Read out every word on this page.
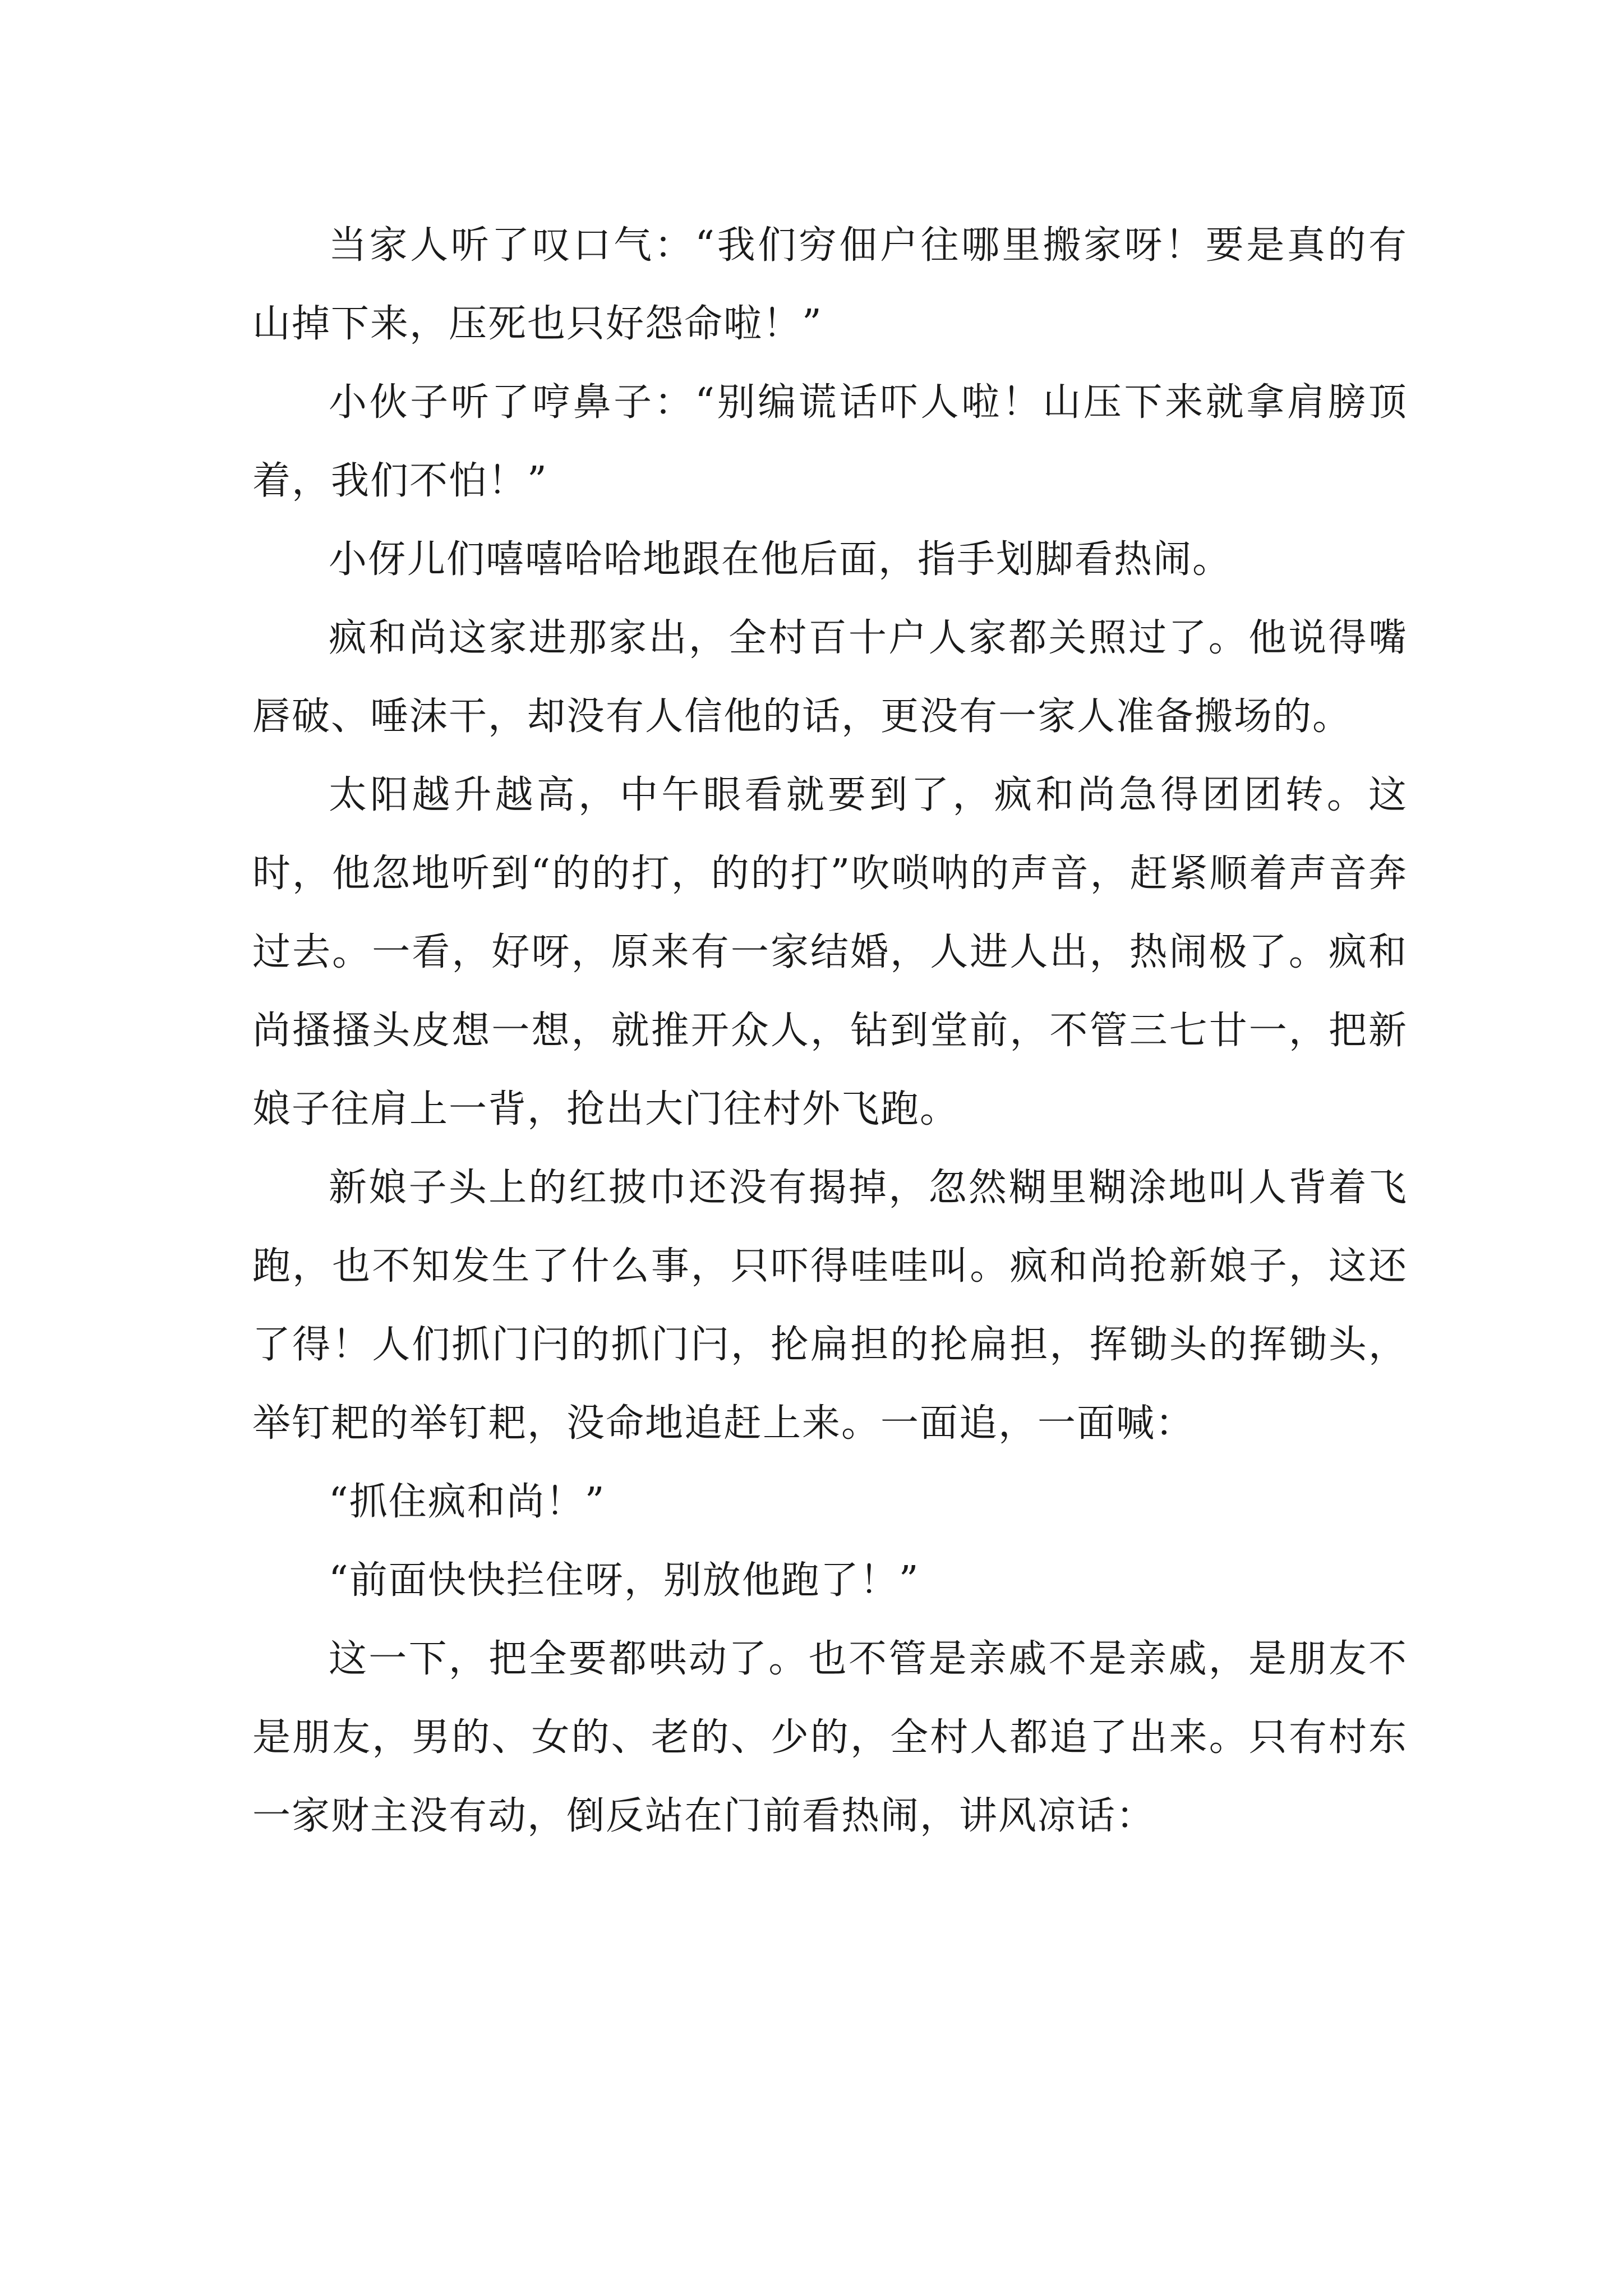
当家人听了叹口气：“我们穷佃户往哪里搬家呀！要是真的有山掉下来，压死也只好怨命啦！”

小伙子听了哼鼻子：“别编谎话吓人啦！山压下来就拿肩膀顶着，我们不怕！”

小伢儿们嘻嘻哈哈地跟在他后面，指手划脚看热闹。

疯和尚这家进那家出，全村百十户人家都关照过了。他说得嘴唇破、唾沫干，却没有人信他的话，更没有一家人准备搬场的。

太阳越升越高，中午眼看就要到了，疯和尚急得团团转。这时，他忽地听到“的的打，的的打”吹唢呐的声音，赶紧顺着声音奔过去。一看，好呀，原来有一家结婚，人进人出，热闹极了。疯和尚搔搔头皮想一想，就推开众人，钻到堂前，不管三七廿一，把新娘子往肩上一背，抢出大门往村外飞跑。

新娘子头上的红披巾还没有揭掉，忽然糊里糊涂地叫人背着飞跑，也不知发生了什么事，只吓得哇哇叫。疯和尚抢新娘子，这还了得！人们抓门闩的抓门闩，抡扁担的抡扁担，挥锄头的挥锄头，举钉耙的举钉耙，没命地追赶上来。一面追，一面喊：

“抓住疯和尚！”

“前面快快拦住呀，别放他跑了！”

这一下，把全要都哄动了。也不管是亲戚不是亲戚，是朋友不是朋友，男的、女的、老的、少的，全村人都追了出来。只有村东一家财主没有动，倒反站在门前看热闹，讲风凉话：
